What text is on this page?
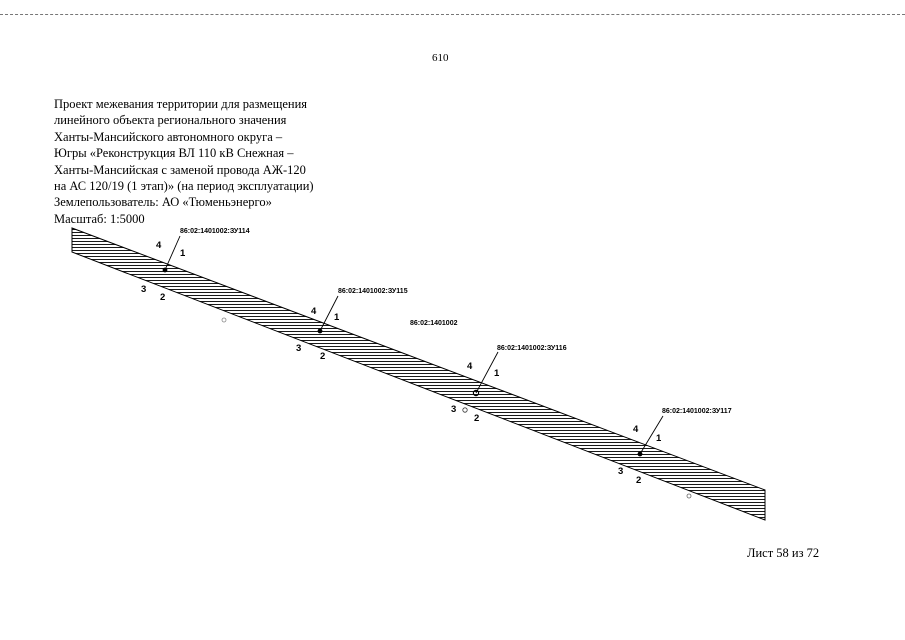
610
Проект межевания территории для размещения
линейного объекта регионального значения
Ханты-Мансийского автономного округа –
Югры «Реконструкция ВЛ 110 кВ Снежная –
Ханты-Мансийская с заменой провода АЖ-120
на АС 120/19 (1 этап)» (на период эксплуатации)
Землепользователь: АО «Тюменьэнерго»
Масштаб: 1:5000
86:02:1401002
86:02:1401002:ЗУ114
4
1
3
2
86:02:1401002:ЗУ115
4
1
3
2
86:02:1401002:ЗУ116
4
1
3
2
86:02:1401002:ЗУ117
4
1
3
2
Лист 58 из 72
